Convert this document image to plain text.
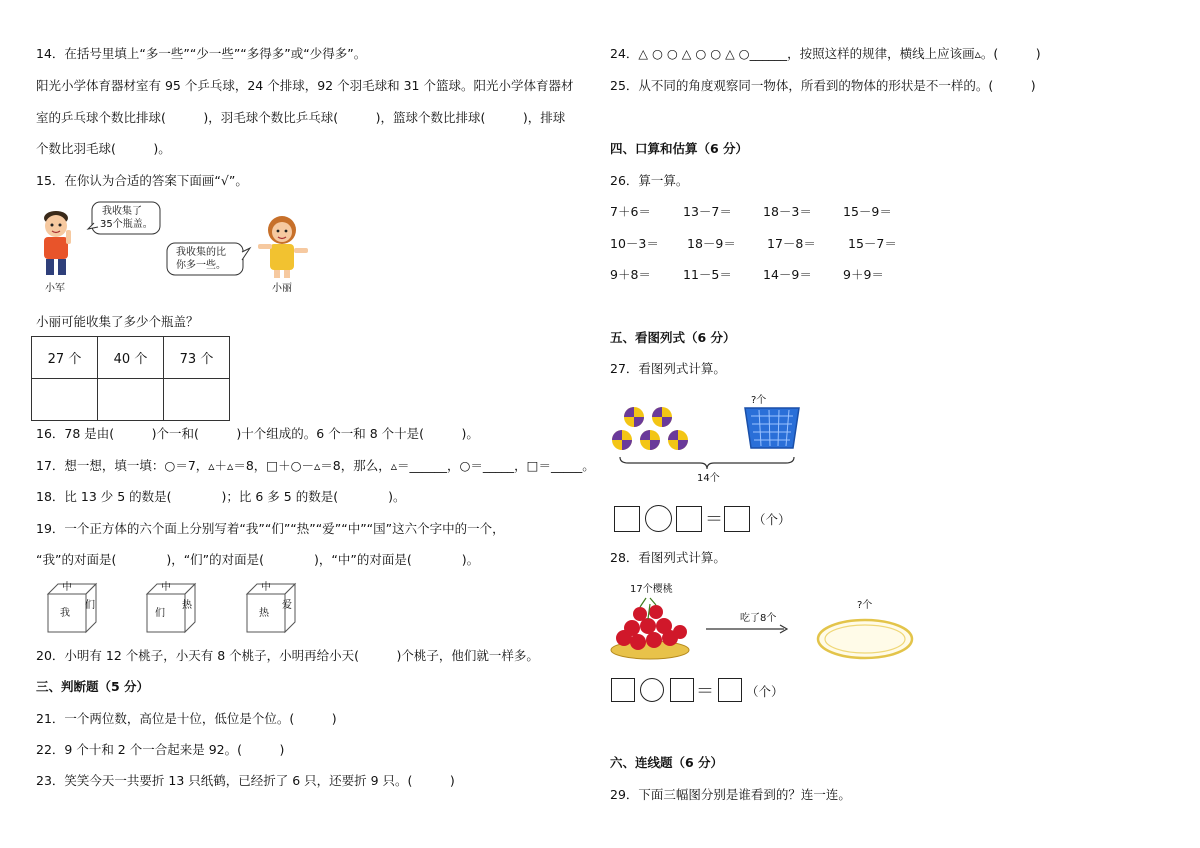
14．在括号里填上“多一些”“少一些”“多得多”或“少得多”。
阳光小学体育器材室有 95 个乒乓球，24 个排球，92 个羽毛球和 31 个篮球。阳光小学体育器材
室的乒乓球个数比排球(　　　)，羽毛球个数比乒乓球(　　　)，篮球个数比排球(　　　)，排球
个数比羽毛球(　　　)。
15．在你认为合适的答案下面画“√”。
我收集了
35个瓶盖。
小军
我收集的比
你多一些。
小丽
小丽可能收集了多少个瓶盖？
27 个	40 个	73 个

16．78 是由(　　　)个一和(　　　)十个组成的。6 个一和 8 个十是(　　　)。
17．想一想，填一填：○＝7，▵＋▵＝8，□＋○－▵＝8，那么，▵＝______，○＝_____，□＝_____。
18．比 13 少 5 的数是(　　　　)；比 6 多 5 的数是(　　　　)。
19．一个正方体的六个面上分别写着“我”“们”“热”“爱”“中”“国”这六个字中的一个，
“我”的对面是(　　　　)，“们”的对面是(　　　　)，“中”的对面是(　　　　)。
中
我
们
中
们
热
中
热
爱
20．小明有 12 个桃子，小天有 8 个桃子，小明再给小天(　　　)个桃子，他们就一样多。
三、判断题（5 分）
21．一个两位数，高位是十位，低位是个位。(　　　)
22．9 个十和 2 个一合起来是 92。(　　　)
23．笑笑今天一共要折 13 只纸鹤，已经折了 6 只，还要折 9 只。(　　　)
24．△ ○ ○ △ ○ ○ △ ○______，按照这样的规律，横线上应该画▵。(　　　)
25．从不同的角度观察同一物体，所看到的物体的形状是不一样的。(　　　)
四、口算和估算（6 分）
26．算一算。
7＋6＝	13－7＝ 18－3＝ 15－9＝
10－3＝ 18－9＝ 17－8＝	15－7＝
9＋8＝	11－5＝ 14－9＝ 9＋9＝
五、看图列式（6 分）
27．看图列式计算。
?个
14个
＝ （个）
28．看图列式计算。
17个樱桃
吃了8个
?个
＝	（个）
六、连线题（6 分）
29．下面三幅图分别是谁看到的？连一连。
